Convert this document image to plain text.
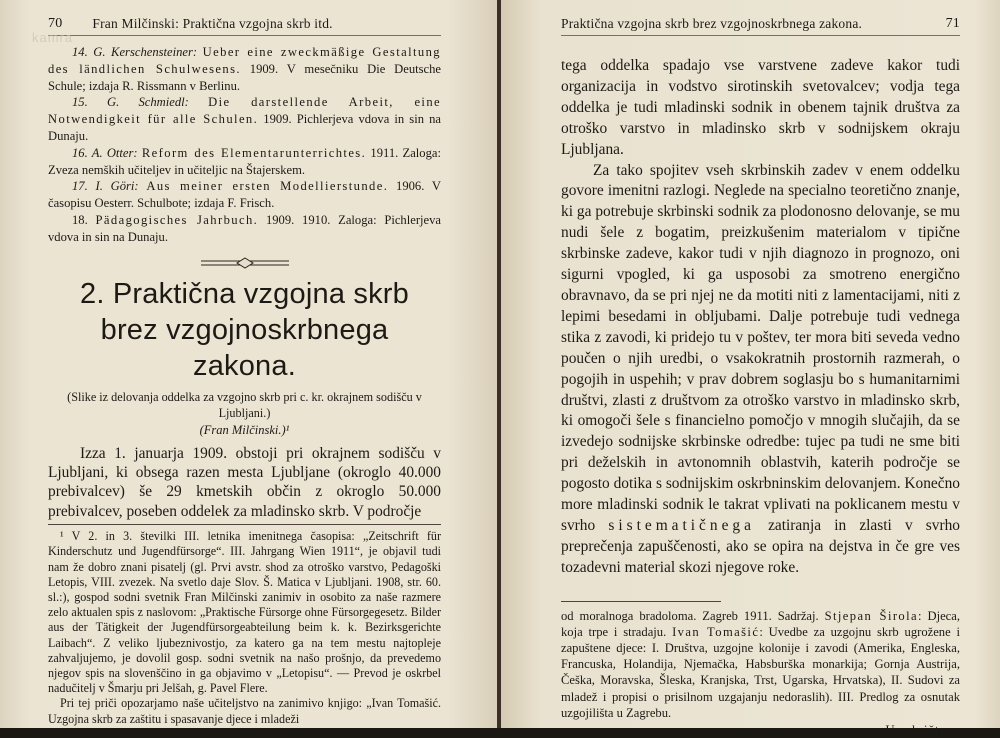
kamra
70	Fran Milčinski: Praktična vzgojna skrb itd.

14. G. Kerschensteiner: Ueber eine zweckmäßige Gestaltung des ländlichen Schulwesens. 1909. V mesečniku Die Deutsche Schule; izdaja R. Rissmann v Berlinu.

15. G. Schmiedl: Die darstellende Arbeit, eine Notwendigkeit für alle Schulen. 1909. Pichlerjeva vdova in sin na Dunaju.

16. A. Otter: Reform des Elementarunterrichtes. 1911. Zaloga: Zveza nemških učiteljev in učiteljic na Štajerskem.

17. I. Göri: Aus meiner ersten Modellierstunde. 1906. V časopisu Oesterr. Schulbote; izdaja F. Frisch.

18. Pädagogisches Jahrbuch. 1909. 1910. Zaloga: Pichlerjeva vdova in sin na Dunaju.

2. Praktična vzgojna skrb brez vzgojnoskrbnega zakona.
(Slike iz delovanja oddelka za vzgojno skrb pri c. kr. okrajnem sodišču v Ljubljani.)
(Fran Milčinski.)¹

Izza 1. januarja 1909. obstoji pri okrajnem sodišču v Ljubljani, ki obsega razen mesta Ljubljane (okroglo 40.000 prebivalcev) še 29 kmetskih občin z okroglo 50.000 prebivalcev, poseben oddelek za mladinsko skrb. V področje

¹ V 2. in 3. številki III. letnika imenitnega časopisa: „Zeitschrift für Kinderschutz und Jugendfürsorge“. III. Jahrgang Wien 1911“, je objavil tudi nam že dobro znani pisatelj (gl. Prvi avstr. shod za otroško varstvo, Pedagoški Letopis, VIII. zvezek. Na svetlo daje Slov. Š. Matica v Ljubljani. 1908, str. 60. sl.:), gospod sodni svetnik Fran Milčinski zanimiv in osobito za naše razmere zelo aktualen spis z naslovom: „Praktische Fürsorge ohne Fürsorgegesetz. Bilder aus der Tätigkeit der Jugendfürsorgeabteilung beim k. k. Bezirksgerichte Laibach“. Z veliko ljubeznivostjo, za katero ga na tem mestu najtopleje zahvaljujemo, je dovolil gosp. sodni svetnik na našo prošnjo, da prevedemo njegov spis na slovenščino in ga objavimo v „Letopisu“. — Prevod je oskrbel nadučitelj v Šmarju pri Jelšah, g. Pavel Flere.

Pri tej priči opozarjamo naše učiteljstvo na zanimivo knjigo: „Ivan Tomašić. Uzgojna skrb za zaštitu i spasavanje djece i mladeži

Praktična vzgojna skrb brez vzgojnoskrbnega zakona.	71

tega oddelka spadajo vse varstvene zadeve kakor tudi organizacija in vodstvo sirotinskih svetovalcev; vodja tega oddelka je tudi mladinski sodnik in obenem tajnik društva za otroško varstvo in mladinsko skrb v sodnijskem okraju Ljubljana.

Za tako spojitev vseh skrbinskih zadev v enem oddelku govore imenitni razlogi. Neglede na specialno teoretično znanje, ki ga potrebuje skrbinski sodnik za plodonosno delovanje, se mu nudi šele z bogatim, preizkušenim materialom v tipične skrbinske zadeve, kakor tudi v njih diagnozo in prognozo, oni sigurni vpogled, ki ga usposobi za smotreno energično obravnavo, da se pri njej ne da motiti niti z lamentacijami, niti z lepimi besedami in obljubami. Dalje potrebuje tudi vednega stika z zavodi, ki pridejo tu v poštev, ter mora biti seveda vedno poučen o njih uredbi, o vsakokratnih prostornih razmerah, o pogojih in uspehih; v prav dobrem soglasju bo s humanitarnimi društvi, zlasti z društvom za otroško varstvo in mladinsko skrb, ki omogoči šele s financielno pomočjo v mnogih slučajih, da se izvedejo sodnijske skrbinske odredbe: tujec pa tudi ne sme biti pri deželskih in avtonomnih oblastvih, katerih področje se pogosto dotika s sodnijskim oskrbninskim delovanjem. Konečno more mladinski sodnik le takrat vplivati na poklicanem mestu v svrho sistematičnega zatiranja in zlasti v svrho preprečenja zapuščenosti, ako se opira na dejstva in če gre ves tozadevni material skozi njegove roke.

od moralnoga bradoloma. Zagreb 1911. Sadržaj. Stjepan Širola: Djeca, koja trpe i stradaju. Ivan Tomašić: Uvedbe za uzgojnu skrb ugrožene i zapuštene djece: I. Društva, uzgojne kolonije i zavodi (Amerika, Engleska, Francuska, Holandija, Njemačka, Habsburška monarkija; Gornja Austrija, Češka, Moravska, Šleska, Kranjska, Trst, Ugarska, Hrvatska), II. Sudovi za mladež i propisi o prisilnom uzgajanju nedoraslih). III. Predlog za osnutak uzgojilišta u Zagrebu.

Uredništvo.
